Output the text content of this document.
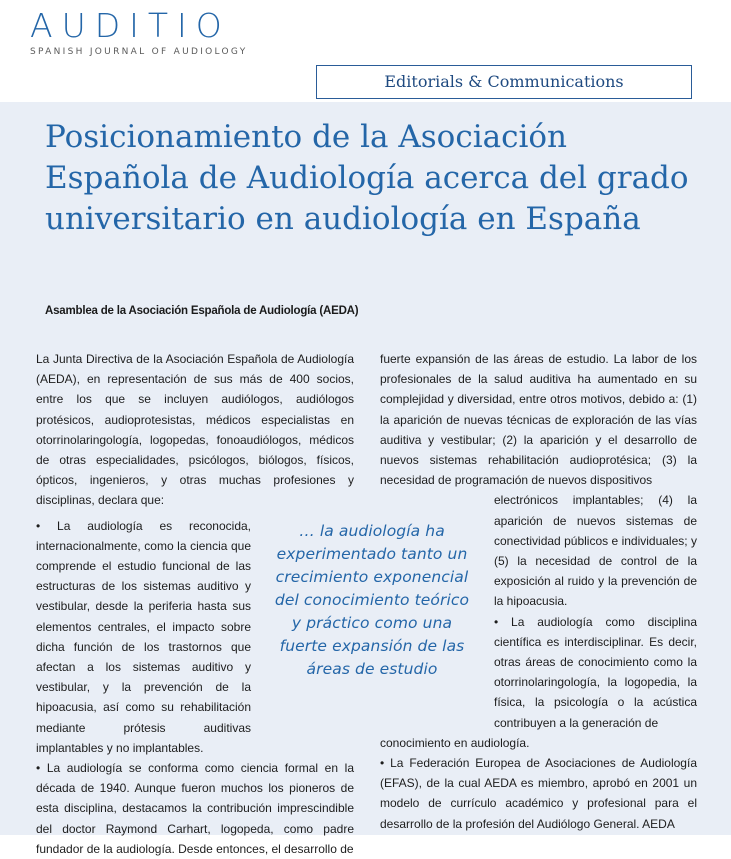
AUDITIO
SPANISH JOURNAL OF AUDIOLOGY
Editorials & Communications
Posicionamiento de la Asociación Española de Audiología acerca del grado universitario en audiología en España
Asamblea de la Asociación Española de Audiología (AEDA)

La Junta Directiva de la Asociación Española de Audiología (AEDA), en representación de sus más de 400 socios, entre los que se incluyen audiólogos, audiólogos protésicos, audioprotesistas, médicos especialistas en otorrinolaringología, logopedas, fonoaudiólogos, médicos de otras especialidades, psicólogos, biólogos, físicos, ópticos, ingenieros, y otras muchas profesiones y disciplinas, declara que:

• La audiología es reconocida, internacionalmente, como la ciencia que comprende el estudio funcional de las estructuras de los sistemas auditivo y vestibular, desde la periferia hasta sus elementos centrales, el impacto sobre dicha función de los trastornos que afectan a los sistemas auditivo y vestibular, y la prevención de la hipoacusia, así como su rehabilitación mediante prótesis auditivas implantables y no implantables.

• La audiología se conforma como ciencia formal en la década de 1940. Aunque fueron muchos los pioneros de esta disciplina, destacamos la contribución imprescindible del doctor Raymond Carhart, logopeda, como padre fundador de la audiología. Desde entonces, el desarrollo de

fuerte expansión de las áreas de estudio. La labor de los profesionales de la salud auditiva ha aumentado en su complejidad y diversidad, entre otros motivos, debido a: (1) la aparición de nuevas técnicas de exploración de las vías auditiva y vestibular; (2) la aparición y el desarrollo de nuevos sistemas rehabilitación audioprotésica; (3) la necesidad de programación de nuevos dispositivos

electrónicos implantables; (4) la aparición de nuevos sistemas de conectividad públicos e individuales; y (5) la necesidad de control de la exposición al ruido y la prevención de la hipoacusia.

• La audiología como disciplina científica es interdisciplinar. Es decir, otras áreas de conocimiento como la otorrinolaringología, la logopedia, la física, la psicología o la acústica contribuyen a la generación de

conocimiento en audiología.

• La Federación Europea de Asociaciones de Audiología (EFAS), de la cual AEDA es miembro, aprobó en 2001 un modelo de currículo académico y profesional para el desarrollo de la profesión del Audiólogo General. AEDA

… la audiología ha experimentado tanto un crecimiento exponencial del conocimiento teórico y práctico como una fuerte expansión de las áreas de estudio
